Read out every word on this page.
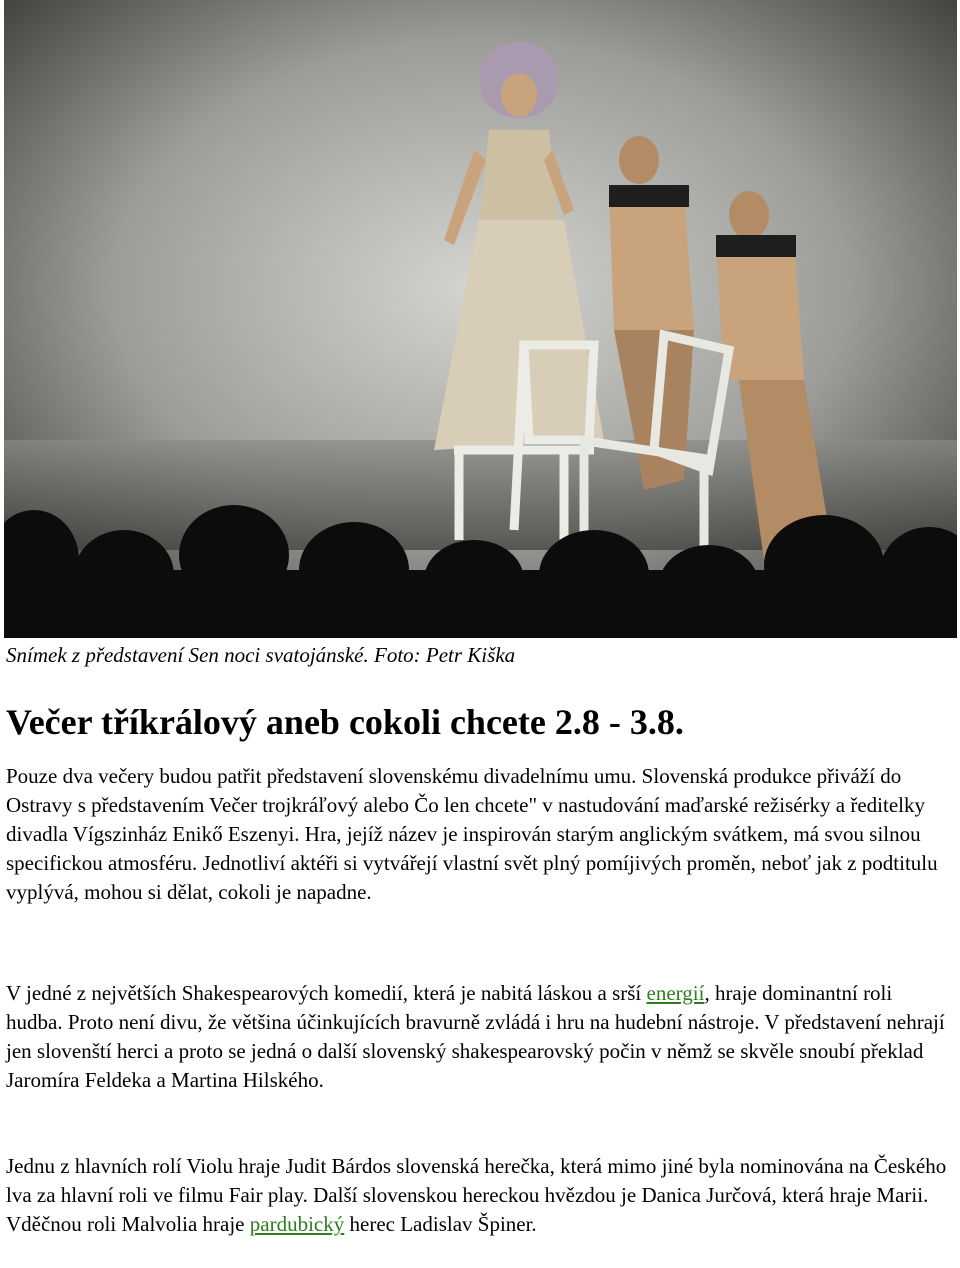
Snímek z představení Sen noci svatojánské. Foto: Petr Kiška
Večer tříkrálový aneb cokoli chcete 2.8 - 3.8.

Pouze dva večery budou patřit představení slovenskému divadelnímu umu. Slovenská produkce přiváží do Ostravy s představením Večer trojkráľový alebo Čo len chcete" v nastudování maďarské režisérky a ředitelky divadla Vígszinház Enikő Eszenyi. Hra, jejíž název je inspirován starým anglickým svátkem, má svou silnou specifickou atmosféru. Jednotliví aktéři si vytvářejí vlastní svět plný pomíjivých proměn, neboť jak z podtitulu vyplývá, mohou si dělat, cokoli je napadne.

V jedné z největších Shakespearových komedií, která je nabitá láskou a srší energií, hraje dominantní roli hudba. Proto není divu, že většina účinkujících bravurně zvládá i hru na hudební nástroje. V představení nehrají jen slovenští herci a proto se jedná o další slovenský shakespearovský počin v němž se skvěle snoubí překlad Jaromíra Feldeka a Martina Hilského.

Jednu z hlavních rolí Violu hraje Judit Bárdos slovenská herečka, která mimo jiné byla nominována na Českého lva za hlavní roli ve filmu Fair play. Další slovenskou hereckou hvězdou je Danica Jurčová, která hraje Marii. Vděčnou roli Malvolia hraje pardubický herec Ladislav Špiner.
